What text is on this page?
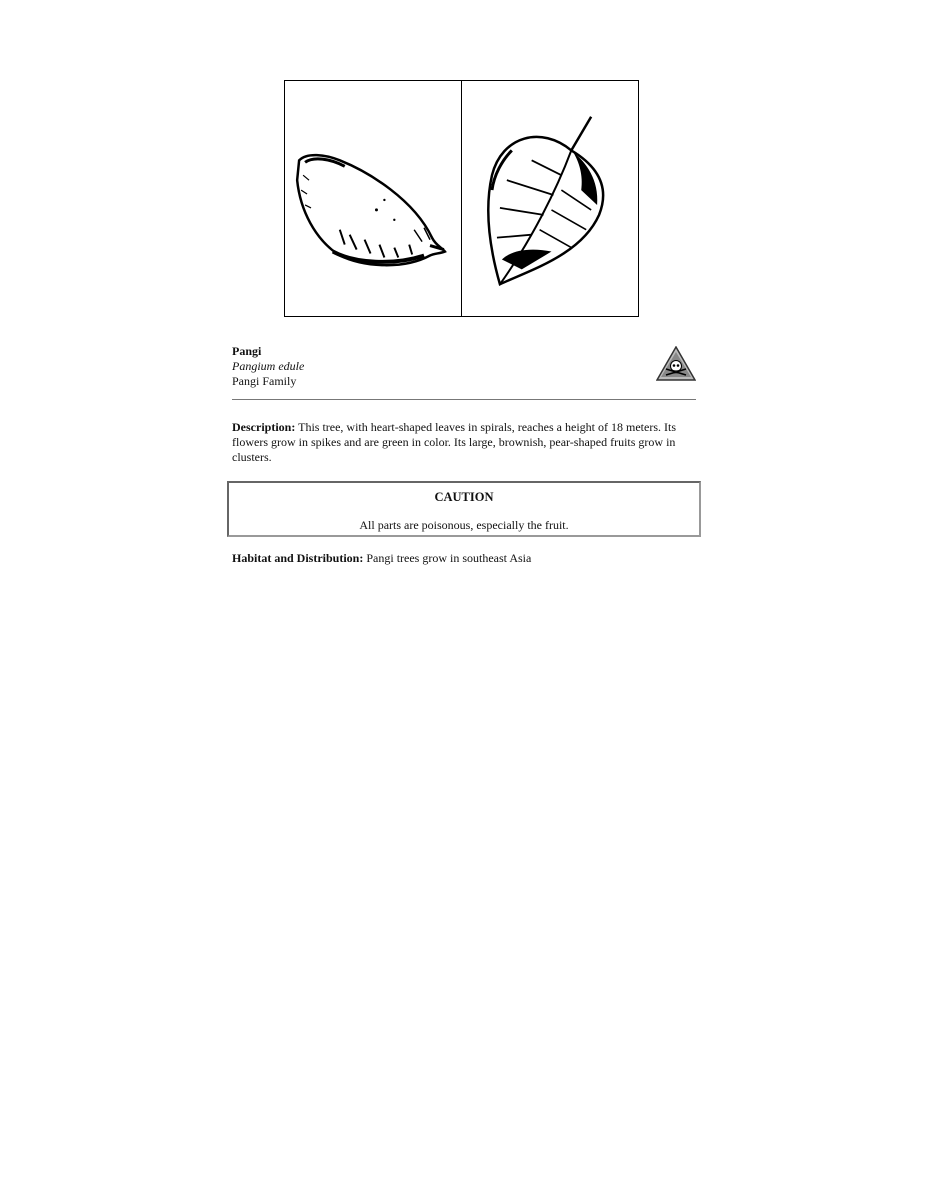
Pangi
Pangium edule
Pangi Family
Description: This tree, with heart-shaped leaves in spirals, reaches a height of 18 meters. Its flowers grow in spikes and are green in color. Its large, brownish, pear-shaped fruits grow in clusters.
CAUTION
All parts are poisonous, especially the fruit.
Habitat and Distribution: Pangi trees grow in southeast Asia
